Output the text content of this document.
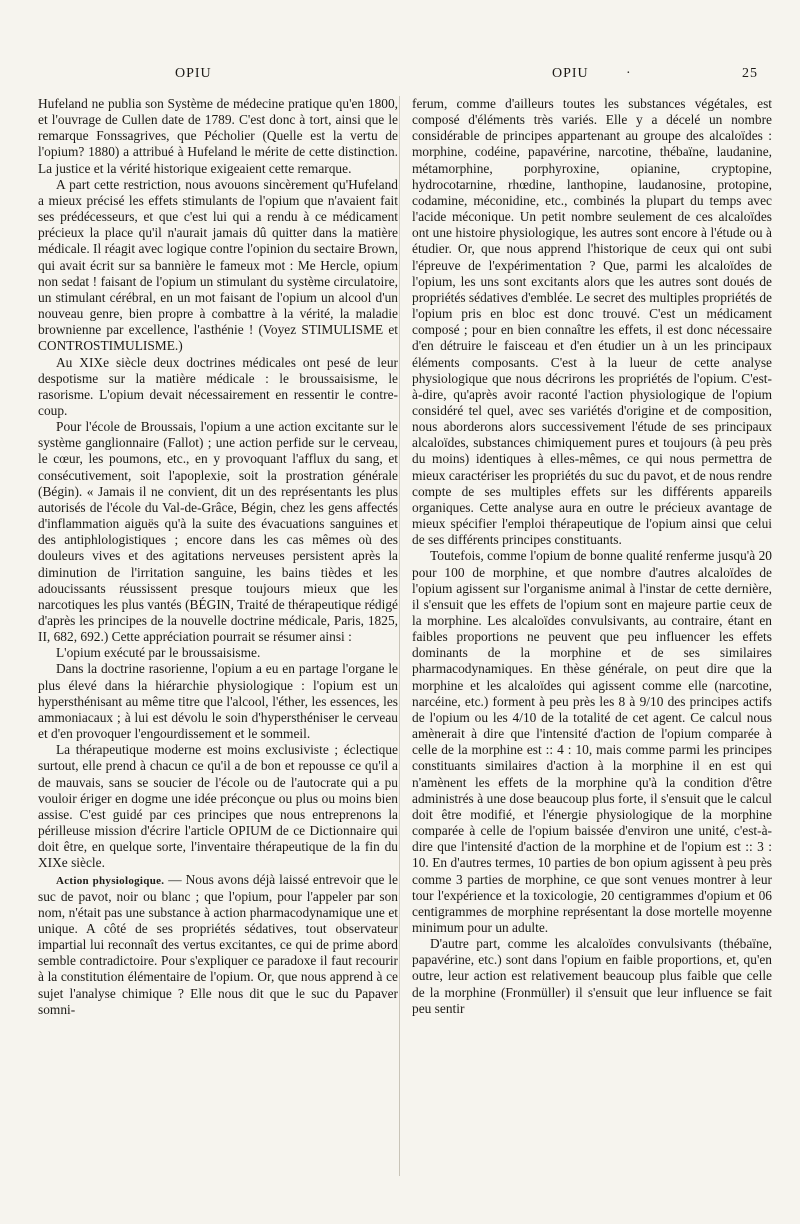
OPIU	OPIU	·	25

Hufeland ne publia son Système de médecine pratique qu'en 1800, et l'ouvrage de Cullen date de 1789. C'est donc à tort, ainsi que le remarque Fonssagrives, que Pécholier (Quelle est la vertu de l'opium? 1880) a attribué à Hufeland le mérite de cette distinction. La justice et la vérité historique exigeaient cette remarque.

A part cette restriction, nous avouons sincèrement qu'Hufeland a mieux précisé les effets stimulants de l'opium que n'avaient fait ses prédécesseurs, et que c'est lui qui a rendu à ce médicament précieux la place qu'il n'aurait jamais dû quitter dans la matière médicale. Il réagit avec logique contre l'opinion du sectaire Brown, qui avait écrit sur sa bannière le fameux mot : Me Hercle, opium non sedat ! faisant de l'opium un stimulant du système circulatoire, un stimulant cérébral, en un mot faisant de l'opium un alcool d'un nouveau genre, bien propre à combattre à la vérité, la maladie brownienne par excellence, l'asthénie ! (Voyez STIMULISME et CONTROSTIMULISME.)

Au XIXe siècle deux doctrines médicales ont pesé de leur despotisme sur la matière médicale : le broussaisisme, le rasorisme. L'opium devait nécessairement en ressentir le contre-coup.

Pour l'école de Broussais, l'opium a une action excitante sur le système ganglionnaire (Fallot) ; une action perfide sur le cerveau, le cœur, les poumons, etc., en y provoquant l'afflux du sang, et consécutivement, soit l'apoplexie, soit la prostration générale (Bégin). « Jamais il ne convient, dit un des représentants les plus autorisés de l'école du Val-de-Grâce, Bégin, chez les gens affectés d'inflammation aiguës qu'à la suite des évacuations sanguines et des antiphlologistiques ; encore dans les cas mêmes où des douleurs vives et des agitations nerveuses persistent après la diminution de l'irritation sanguine, les bains tièdes et les adoucissants réussissent presque toujours mieux que les narcotiques les plus vantés (BÉGIN, Traité de thérapeutique rédigé d'après les principes de la nouvelle doctrine médicale, Paris, 1825, II, 682, 692.) Cette appréciation pourrait se résumer ainsi :

L'opium exécuté par le broussaisisme.

Dans la doctrine rasorienne, l'opium a eu en partage l'organe le plus élevé dans la hiérarchie physiologique : l'opium est un hypersthénisant au même titre que l'alcool, l'éther, les essences, les ammoniacaux ; à lui est dévolu le soin d'hypersthéniser le cerveau et d'en provoquer l'engourdissement et le sommeil.

La thérapeutique moderne est moins exclusiviste ; éclectique surtout, elle prend à chacun ce qu'il a de bon et repousse ce qu'il a de mauvais, sans se soucier de l'école ou de l'autocrate qui a pu vouloir ériger en dogme une idée préconçue ou plus ou moins bien assise. C'est guidé par ces principes que nous entreprenons la périlleuse mission d'écrire l'article OPIUM de ce Dictionnaire qui doit être, en quelque sorte, l'inventaire thérapeutique de la fin du XIXe siècle.

Action physiologique. — Nous avons déjà laissé entrevoir que le suc de pavot, noir ou blanc ; que l'opium, pour l'appeler par son nom, n'était pas une substance à action pharmacodynamique une et unique. A côté de ses propriétés sédatives, tout observateur impartial lui reconnaît des vertus excitantes, ce qui de prime abord semble contradictoire. Pour s'expliquer ce paradoxe il faut recourir à la constitution élémentaire de l'opium. Or, que nous apprend à ce sujet l'analyse chimique ? Elle nous dit que le suc du Papaver somni-

ferum, comme d'ailleurs toutes les substances végétales, est composé d'éléments très variés. Elle y a décelé un nombre considérable de principes appartenant au groupe des alcaloïdes : morphine, codéine, papavérine, narcotine, thébaïne, laudanine, métamorphine, porphyroxine, opianine, cryptopine, hydrocotarnine, rhœdine, lanthopine, laudanosine, protopine, codamine, méconidine, etc., combinés la plupart du temps avec l'acide méconique. Un petit nombre seulement de ces alcaloïdes ont une histoire physiologique, les autres sont encore à l'étude ou à étudier. Or, que nous apprend l'historique de ceux qui ont subi l'épreuve de l'expérimentation ? Que, parmi les alcaloïdes de l'opium, les uns sont excitants alors que les autres sont doués de propriétés sédatives d'emblée. Le secret des multiples propriétés de l'opium pris en bloc est donc trouvé. C'est un médicament composé ; pour en bien connaître les effets, il est donc nécessaire d'en détruire le faisceau et d'en étudier un à un les principaux éléments composants. C'est à la lueur de cette analyse physiologique que nous décrirons les propriétés de l'opium. C'est-à-dire, qu'après avoir raconté l'action physiologique de l'opium considéré tel quel, avec ses variétés d'origine et de composition, nous aborderons alors successivement l'étude de ses principaux alcaloïdes, substances chimiquement pures et toujours (à peu près du moins) identiques à elles-mêmes, ce qui nous permettra de mieux caractériser les propriétés du suc du pavot, et de nous rendre compte de ses multiples effets sur les différents appareils organiques. Cette analyse aura en outre le précieux avantage de mieux spécifier l'emploi thérapeutique de l'opium ainsi que celui de ses différents principes constituants.

Toutefois, comme l'opium de bonne qualité renferme jusqu'à 20 pour 100 de morphine, et que nombre d'autres alcaloïdes de l'opium agissent sur l'organisme animal à l'instar de cette dernière, il s'ensuit que les effets de l'opium sont en majeure partie ceux de la morphine. Les alcaloïdes convulsivants, au contraire, étant en faibles proportions ne peuvent que peu influencer les effets dominants de la morphine et de ses similaires pharmacodynamiques. En thèse générale, on peut dire que la morphine et les alcaloïdes qui agissent comme elle (narcotine, narcéine, etc.) forment à peu près les 8 à 9/10 des principes actifs de l'opium ou les 4/10 de la totalité de cet agent. Ce calcul nous amènerait à dire que l'intensité d'action de l'opium comparée à celle de la morphine est :: 4 : 10, mais comme parmi les principes constituants similaires d'action à la morphine il en est qui n'amènent les effets de la morphine qu'à la condition d'être administrés à une dose beaucoup plus forte, il s'ensuit que le calcul doit être modifié, et l'énergie physiologique de la morphine comparée à celle de l'opium baissée d'environ une unité, c'est-à-dire que l'intensité d'action de la morphine et de l'opium est :: 3 : 10. En d'autres termes, 10 parties de bon opium agissent à peu près comme 3 parties de morphine, ce que sont venues montrer à leur tour l'expérience et la toxicologie, 20 centigrammes d'opium et 06 centigrammes de morphine représentant la dose mortelle moyenne minimum pour un adulte.

D'autre part, comme les alcaloïdes convulsivants (thébaïne, papavérine, etc.) sont dans l'opium en faible proportions, et, qu'en outre, leur action est relativement beaucoup plus faible que celle de la morphine (Fronmüller) il s'ensuit que leur influence se fait peu sentir
